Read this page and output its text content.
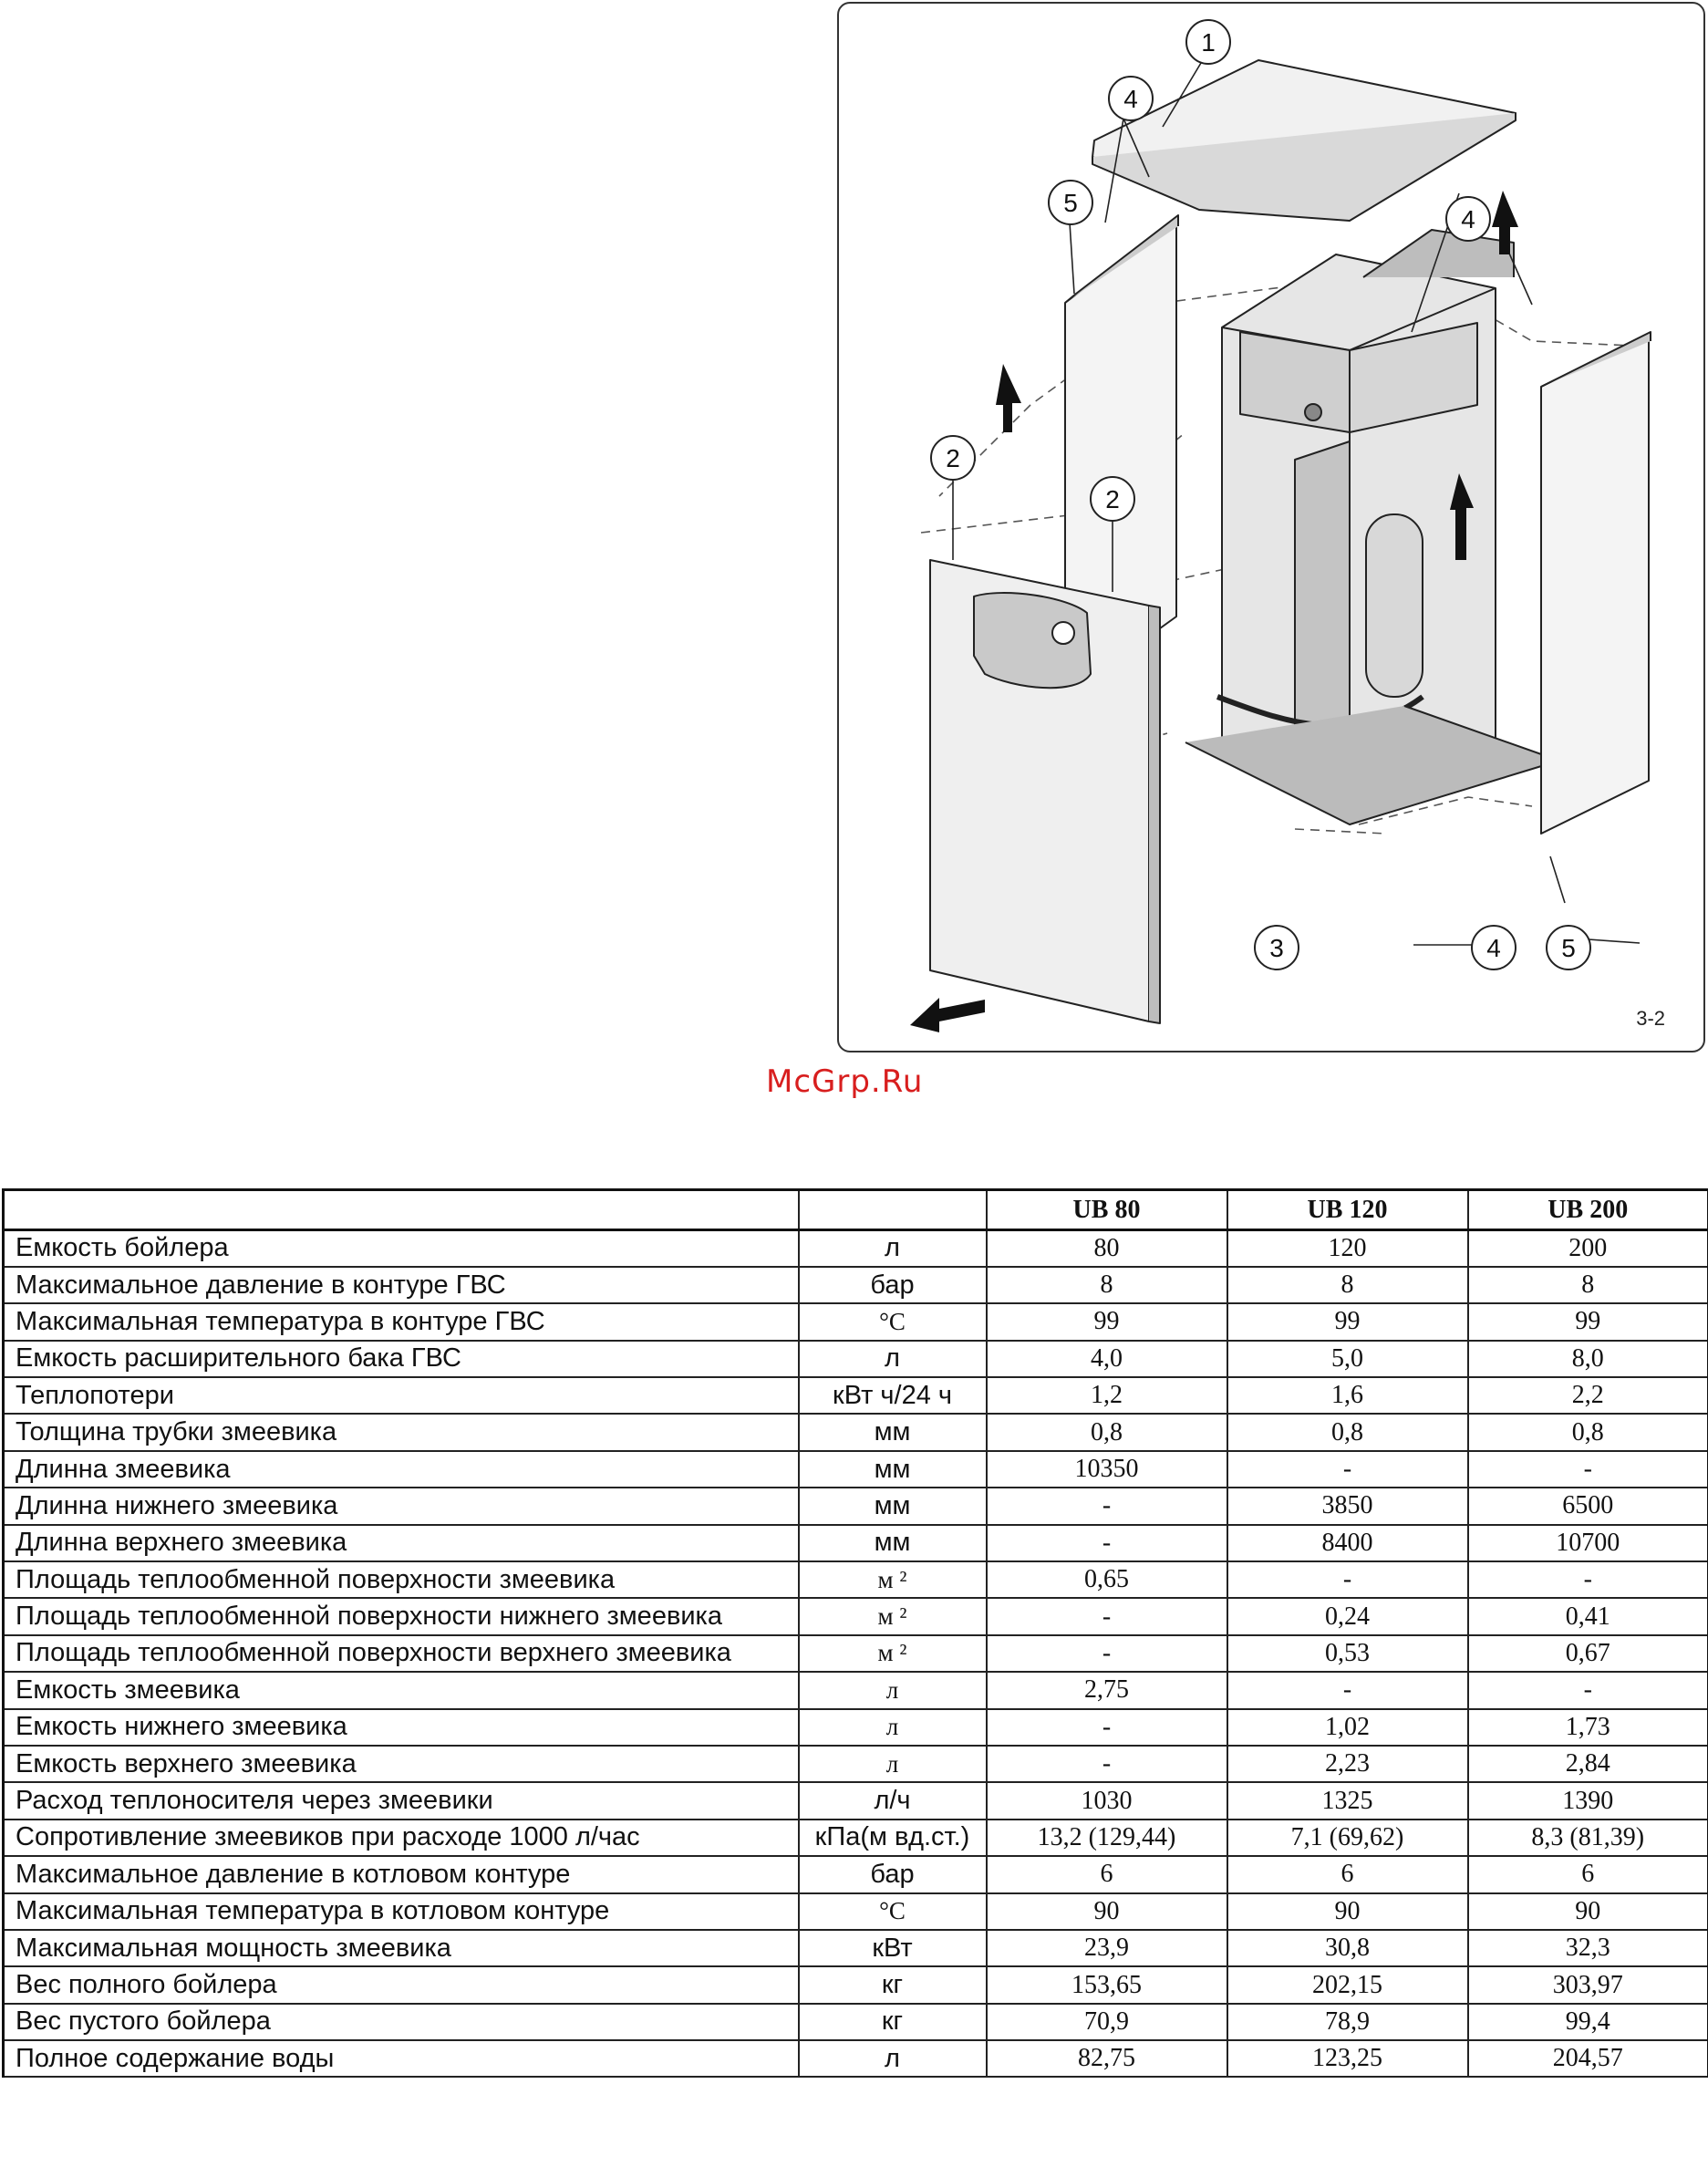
1
4
5
2
2
4
3	4 5
3-2
McGrp.Ru
		UB 80	UB 120	UB 200
Емкость бойлера	л	80	120	200
Максимальное давление в контуре ГВС	бар	8	8	8
Максимальная температура в контуре ГВС	°С	99	99	99
Емкость расширительного бака ГВС	л	4,0	5,0	8,0
Теплопотери	кВт ч/24 ч	1,2	1,6	2,2
Толщина трубки змеевика	мм	0,8	0,8	0,8
Длинна змеевика	мм	10350	-	-
Длинна нижнего змеевика	мм	-	3850	6500
Длинна верхнего змеевика	мм	-	8400	10700
Площадь теплообменной поверхности змеевика	м ²	0,65	-	-
Площадь теплообменной поверхности нижнего змеевика	м ²	-	0,24	0,41
Площадь теплообменной поверхности верхнего змеевика	м ²	-	0,53	0,67
Емкость змеевика	л	2,75	-	-
Емкость нижнего змеевика	л	-	1,02	1,73
Емкость верхнего змеевика	л	-	2,23	2,84
Расход теплоносителя через змеевики	л/ч	1030	1325	1390
Сопротивление змеевиков при расходе 1000 л/час	кПа(м вд.ст.)	13,2 (129,44)	7,1 (69,62)	8,3 (81,39)
Максимальное давление в котловом контуре	бар	6	6	6
Максимальная температура в котловом контуре	°С	90	90	90
Максимальная мощность змеевика	кВт	23,9	30,8	32,3
Вес полного бойлера	кг	153,65	202,15	303,97
Вес пустого бойлера	кг	70,9	78,9	99,4
Полное содержание воды	л	82,75	123,25	204,57
